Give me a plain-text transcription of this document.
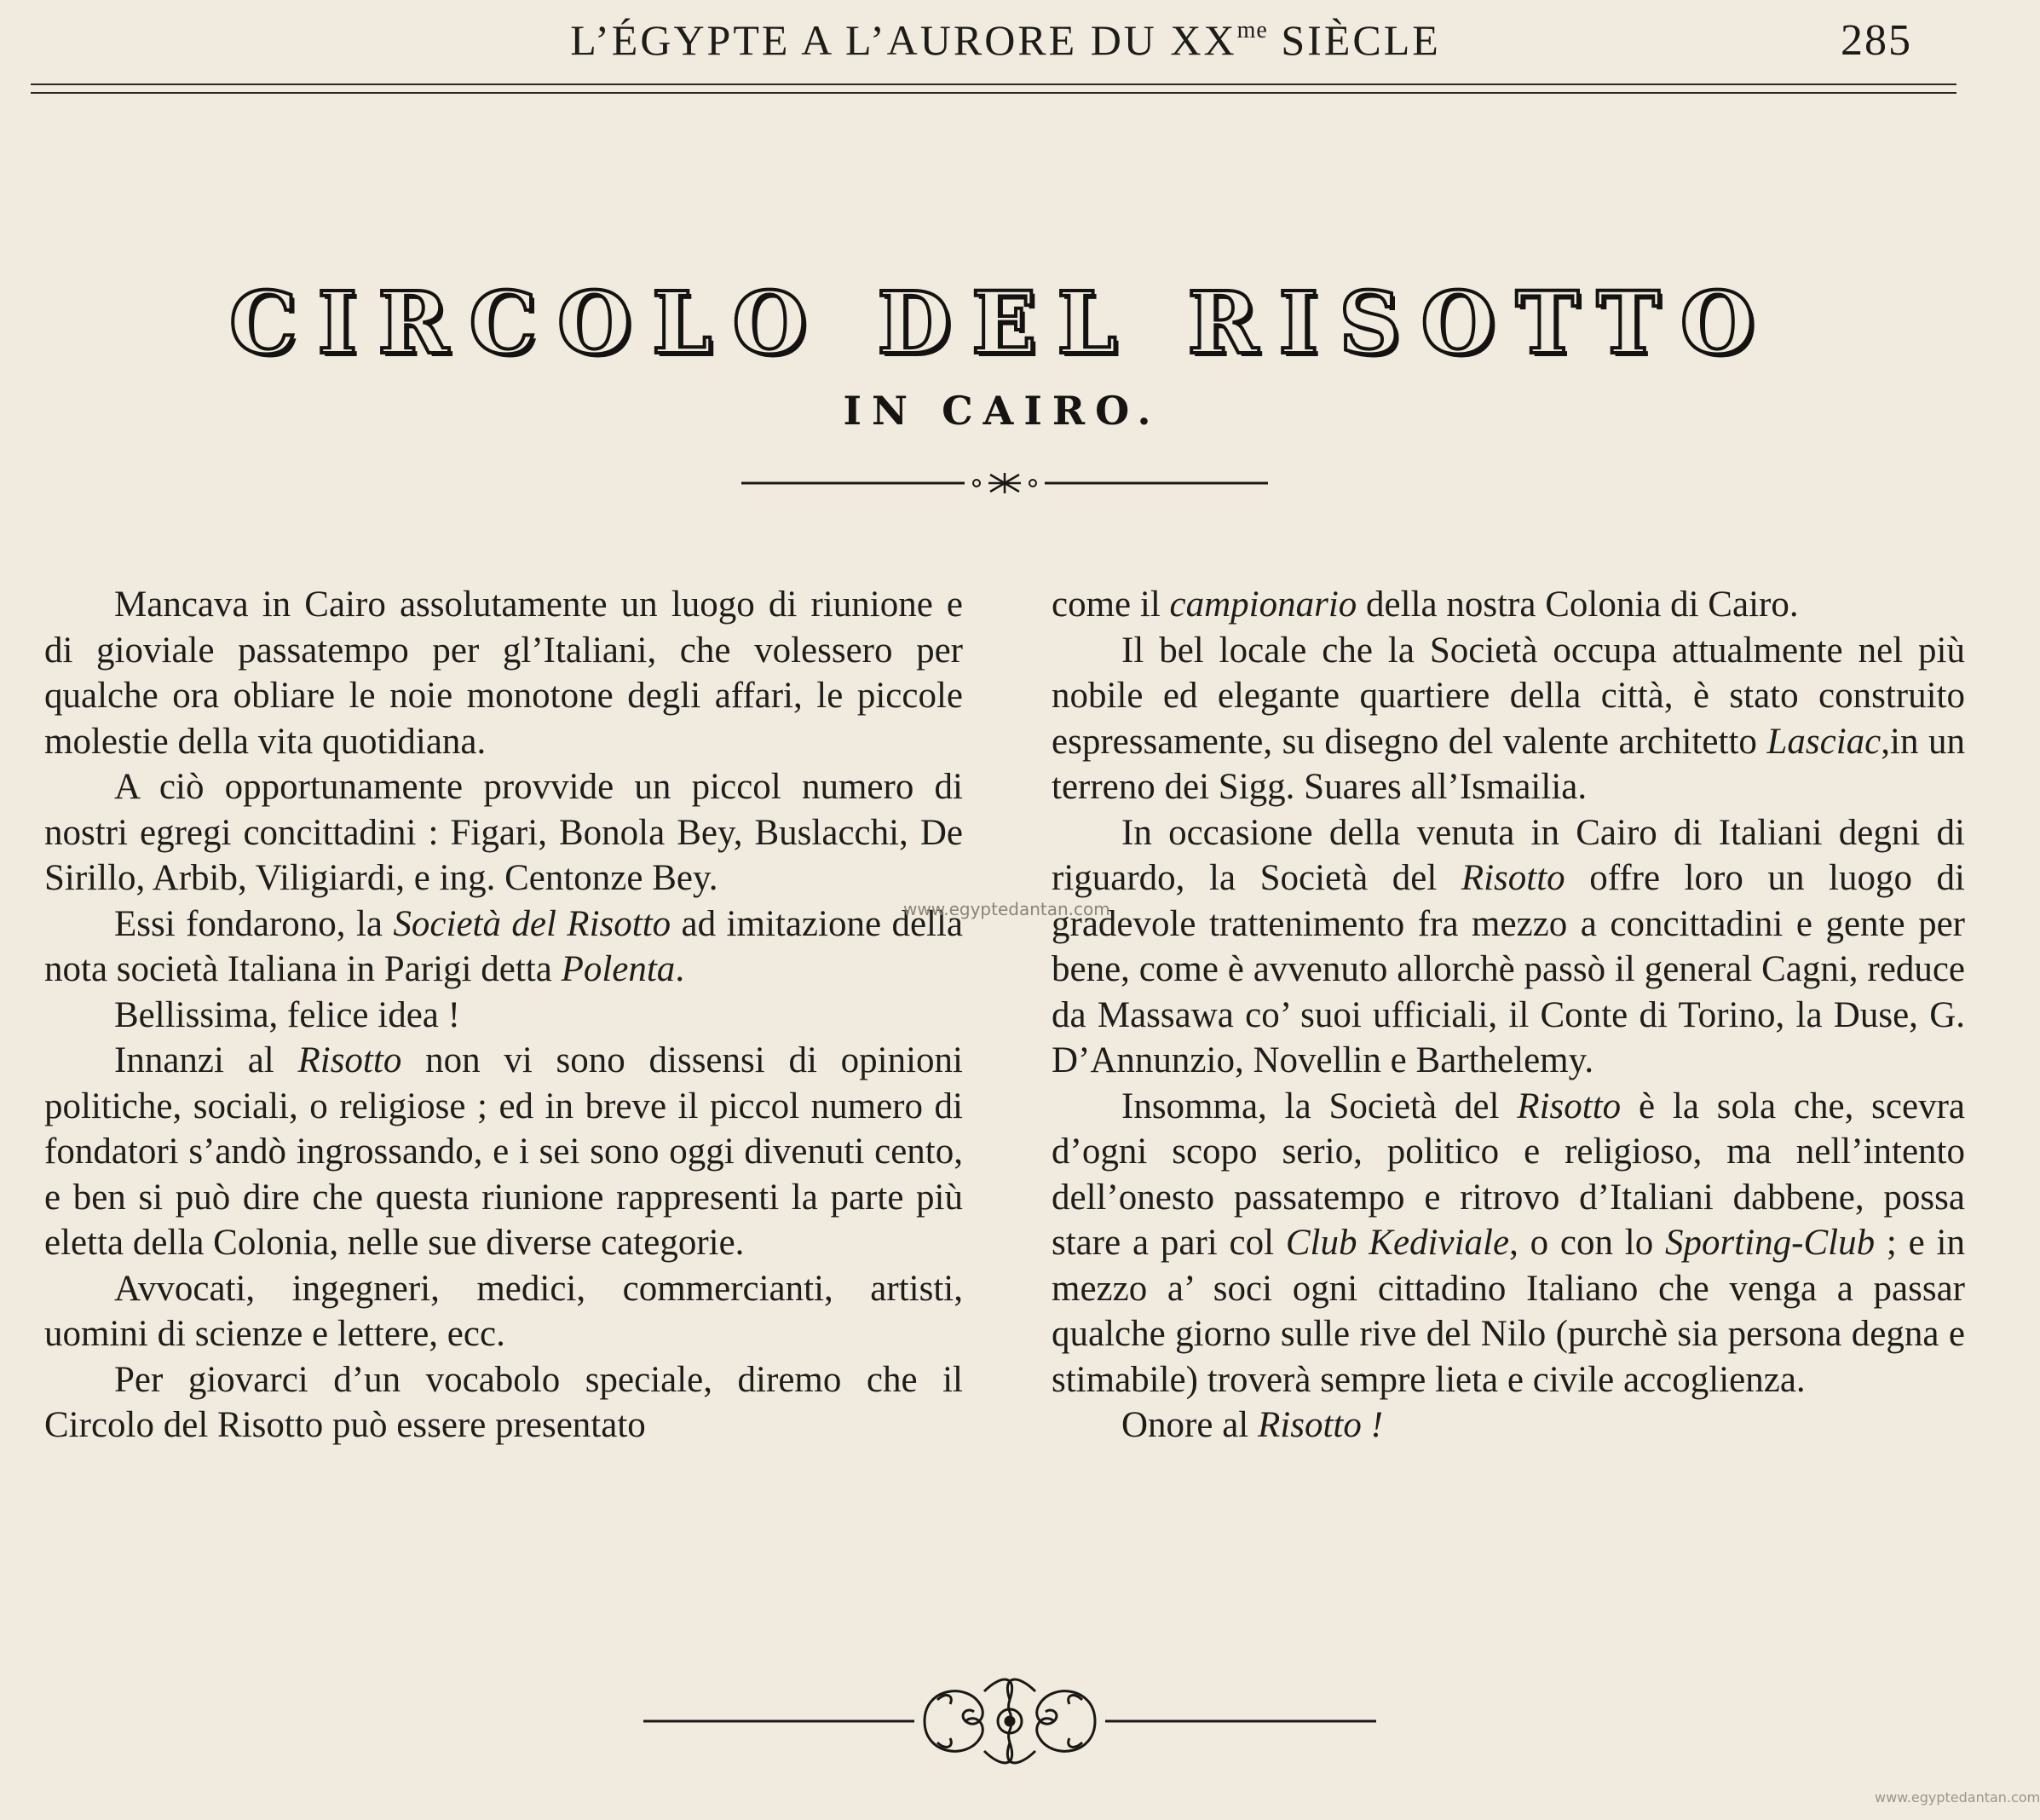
L’ÉGYPTE A L’AURORE DU $XX^{me}$ SIÈCLE	285
​
CIRCOLO DEL RISOTTO
IN CAIRO.

Mancava in Cairo assolutamente un luogo di riunione e di gioviale passatempo per gl’Italiani, che volessero per qualche ora obliare le noie monotone degli affari, le piccole molestie della vita quotidiana.

A ciò opportunamente provvide un piccol numero di nostri egregi concittadini : Figari, Bonola Bey, Buslacchi, De Sirillo, Arbib, Viligiardi, e ing. Centonze Bey.

Essi fondarono, la Società del Risotto ad imitazione della nota società Italiana in Parigi detta Polenta.

Bellissima, felice idea !

Innanzi al Risotto non vi sono dissensi di opinioni politiche, sociali, o religiose ; ed in breve il piccol numero di fondatori s’andò ingrossando, e i sei sono oggi divenuti cento, e ben si può dire che questa riunione rappresenti la parte più eletta della Colonia, nelle sue diverse categorie.

Avvocati, ingegneri, medici, commercianti, artisti, uomini di scienze e lettere, ecc.

Per giovarci d’un vocabolo speciale, diremo che il Circolo del Risotto può essere presentato

come il campionario della nostra Colonia di Cairo.

Il bel locale che la Società occupa attualmente nel più nobile ed elegante quartiere della città, è stato construito espressamente, su disegno del valente architetto Lasciac,in un terreno dei Sigg. Suares all’Ismailia.

In occasione della venuta in Cairo di Italiani degni di riguardo, la Società del Risotto offre loro un luogo di gradevole trattenimento fra mezzo a concittadini e gente per bene, come è avvenuto allorchè passò il general Cagni, reduce da Massawa co’ suoi ufficiali, il Conte di Torino, la Duse, G. D’Annunzio, Novellin e Barthelemy.

Insomma, la Società del Risotto è la sola che, scevra d’ogni scopo serio, politico e religioso, ma nell’intento dell’onesto passatempo e ritrovo d’Italiani dabbene, possa stare a pari col Club Kediviale, o con lo Sporting-Club ; e in mezzo a’ soci ogni cittadino Italiano che venga a passar qualche giorno sulle rive del Nilo (purchè sia persona degna e stimabile) troverà sempre lieta e civile accoglienza.

Onore al Risotto !

www.egyptedantan.com
www.egyptedantan.com
